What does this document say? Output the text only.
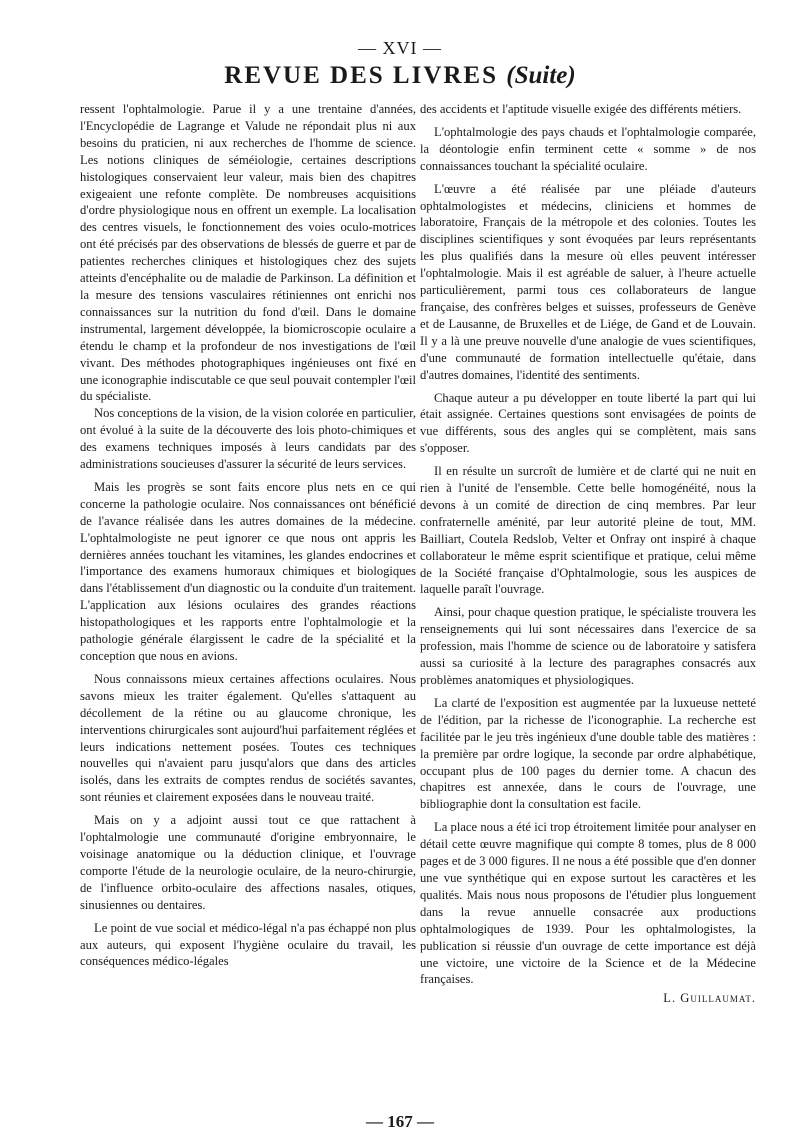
— XVI —
REVUE DES LIVRES (Suite)

ressent l'ophtalmologie. Parue il y a une trentaine d'années, l'Encyclopédie de Lagrange et Valude ne répondait plus ni aux besoins du praticien, ni aux recherches de l'homme de science. Les notions cliniques de séméiologie, certaines descriptions histologiques conservaient leur valeur, mais bien des chapitres exigeaient une refonte complète. De nombreuses acquisitions d'ordre physiologique nous en offrent un exemple. La localisation des centres visuels, le fonctionnement des voies oculo-motrices ont été précisés par des observations de blessés de guerre et par de patientes recherches cliniques et histologiques chez des sujets atteints d'encéphalite ou de maladie de Parkinson. La définition et la mesure des tensions vasculaires rétiniennes ont enrichi nos connaissances sur la nutrition du fond d'œil. Dans le domaine instrumental, largement développée, la biomicroscopie oculaire a étendu le champ et la profondeur de nos investigations de l'œil vivant. Des méthodes photographiques ingénieuses ont fixé en une iconographie indiscutable ce que seul pouvait contempler l'œil du spécialiste.

Nos conceptions de la vision, de la vision colorée en particulier, ont évolué à la suite de la découverte des lois photo-chimiques et des examens techniques imposés à leurs candidats par des administrations soucieuses d'assurer la sécurité de leurs services.

Mais les progrès se sont faits encore plus nets en ce qui concerne la pathologie oculaire. Nos connaissances ont bénéficié de l'avance réalisée dans les autres domaines de la médecine. L'ophtalmologiste ne peut ignorer ce que nous ont appris les dernières années touchant les vitamines, les glandes endocrines et l'importance des examens humoraux chimiques et biologiques dans l'établissement d'un diagnostic ou la conduite d'un traitement. L'application aux lésions oculaires des grandes réactions histopathologiques et les rapports entre l'ophtalmologie et la pathologie générale élargissent le cadre de la spécialité et la conception que nous en avions.

Nous connaissons mieux certaines affections oculaires. Nous savons mieux les traiter également. Qu'elles s'attaquent au décollement de la rétine ou au glaucome chronique, les interventions chirurgicales sont aujourd'hui parfaitement réglées et leurs indications nettement posées. Toutes ces techniques nouvelles qui n'avaient paru jusqu'alors que dans des articles isolés, dans les extraits de comptes rendus de sociétés savantes, sont réunies et clairement exposées dans le nouveau traité.

Mais on y a adjoint aussi tout ce que rattachent à l'ophtalmologie une communauté d'origine embryonnaire, le voisinage anatomique ou la déduction clinique, et l'ouvrage comporte l'étude de la neurologie oculaire, de la neuro-chirurgie, de l'influence orbito-oculaire des affections nasales, otiques, sinusiennes ou dentaires.

Le point de vue social et médico-légal n'a pas échappé non plus aux auteurs, qui exposent l'hygiène oculaire du travail, les conséquences médico-légales

des accidents et l'aptitude visuelle exigée des différents métiers.

L'ophtalmologie des pays chauds et l'ophtalmologie comparée, la déontologie enfin terminent cette « somme » de nos connaissances touchant la spécialité oculaire.

L'œuvre a été réalisée par une pléiade d'auteurs ophtalmologistes et médecins, cliniciens et hommes de laboratoire, Français de la métropole et des colonies. Toutes les disciplines scientifiques y sont évoquées par leurs représentants les plus qualifiés dans la mesure où elles peuvent intéresser l'ophtalmologie. Mais il est agréable de saluer, à l'heure actuelle particulièrement, parmi tous ces collaborateurs de langue française, des confrères belges et suisses, professeurs de Genève et de Lausanne, de Bruxelles et de Liége, de Gand et de Louvain. Il y a là une preuve nouvelle d'une analogie de vues scientifiques, d'une communauté de formation intellectuelle qu'étaie, dans d'autres domaines, l'identité des sentiments.

Chaque auteur a pu développer en toute liberté la part qui lui était assignée. Certaines questions sont envisagées de points de vue différents, sous des angles qui se complètent, mais sans s'opposer.

Il en résulte un surcroît de lumière et de clarté qui ne nuit en rien à l'unité de l'ensemble. Cette belle homogénéité, nous la devons à un comité de direction de cinq membres. Par leur confraternelle aménité, par leur autorité pleine de tout, MM. Bailliart, Coutela Redslob, Velter et Onfray ont inspiré à chaque collaborateur le même esprit scientifique et pratique, celui même de la Société française d'Ophtalmologie, sous les auspices de laquelle paraît l'ouvrage.

Ainsi, pour chaque question pratique, le spécialiste trouvera les renseignements qui lui sont nécessaires dans l'exercice de sa profession, mais l'homme de science ou de laboratoire y satisfera aussi sa curiosité à la lecture des paragraphes consacrés aux problèmes anatomiques et physiologiques.

La clarté de l'exposition est augmentée par la luxueuse netteté de l'édition, par la richesse de l'iconographie. La recherche est facilitée par le jeu très ingénieux d'une double table des matières : la première par ordre logique, la seconde par ordre alphabétique, occupant plus de 100 pages du dernier tome. A chacun des chapitres est annexée, dans le cours de l'ouvrage, une bibliographie dont la consultation est facile.

La place nous a été ici trop étroitement limitée pour analyser en détail cette œuvre magnifique qui compte 8 tomes, plus de 8 000 pages et de 3 000 figures. Il ne nous a été possible que d'en donner une vue synthétique qui en expose surtout les caractères et les qualités. Mais nous nous proposons de l'étudier plus longuement dans la revue annuelle consacrée aux productions ophtalmologiques de 1939. Pour les ophtalmologistes, la publication si réussie d'un ouvrage de cette importance est déjà une victoire, une victoire de la Science et de la Médecine françaises.

L. Guillaumat.
— 167 —
